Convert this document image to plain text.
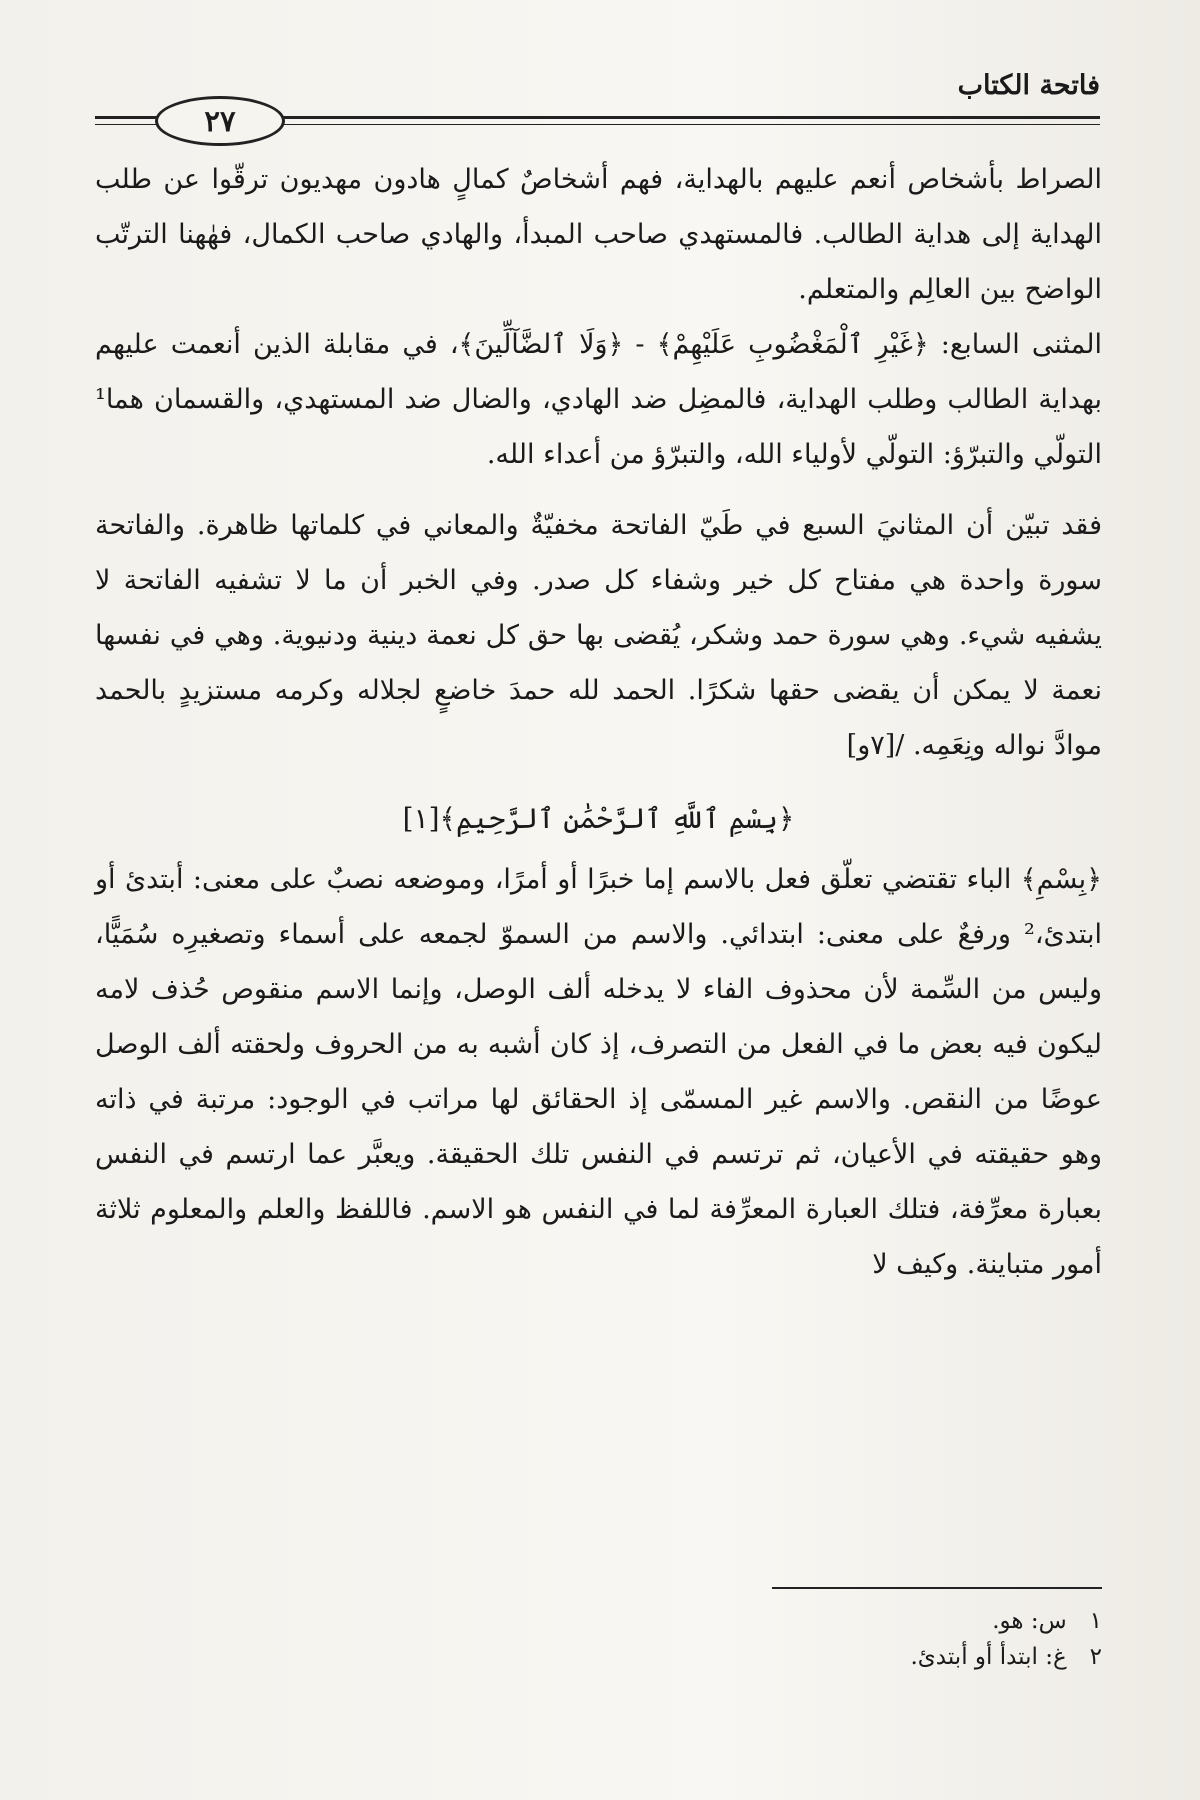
فاتحة الكتاب
٢٧

الصراط بأشخاص أنعم عليهم بالهداية، فهم أشخاصٌ كمالٍ هادون مهديون ترقّوا عن طلب الهداية إلى هداية الطالب. فالمستهدي صاحب المبدأ، والهادي صاحب الكمال، فهٰهنا الترتّب الواضح بين العالِم والمتعلم.

المثنى السابع: ﴿غَيْرِ ٱلْمَغْضُوبِ عَلَيْهِمْ﴾ - ﴿وَلَا ٱلضَّآلِّينَ﴾، في مقابلة الذين أنعمت عليهم بهداية الطالب وطلب الهداية، فالمضِل ضد الهادي، والضال ضد المستهدي، والقسمان هما¹ التولّي والتبرّؤ: التولّي لأولياء الله، والتبرّؤ من أعداء الله.

فقد تبيّن أن المثانيَ السبع في طَيّ الفاتحة مخفيّةٌ والمعاني في كلماتها ظاهرة. والفاتحة سورة واحدة هي مفتاح كل خير وشفاء كل صدر. وفي الخبر أن ما لا تشفيه الفاتحة لا يشفيه شيء. وهي سورة حمد وشكر، يُقضى بها حق كل نعمة دينية ودنيوية. وهي في نفسها نعمة لا يمكن أن يقضى حقها شكرًا. الحمد لله حمدَ خاضعٍ لجلاله وكرمه مستزيدٍ بالحمد موادَّ نواله ونِعَمِه. /[٧و]

﴿بِسْمِ ٱللَّهِ ٱلرَّحْمَٰنِ ٱلرَّحِيمِ﴾[١]

﴿بِسْمِ﴾ الباء تقتضي تعلّق فعل بالاسم إما خبرًا أو أمرًا، وموضعه نصبٌ على معنى: أبتدئ أو ابتدئ،² ورفعٌ على معنى: ابتدائي. والاسم من السموّ لجمعه على أسماء وتصغيرِه سُمَيًّا، وليس من السِّمة لأن محذوف الفاء لا يدخله ألف الوصل، وإنما الاسم منقوص حُذف لامه ليكون فيه بعض ما في الفعل من التصرف، إذ كان أشبه به من الحروف ولحقته ألف الوصل عوضًا من النقص. والاسم غير المسمّى إذ الحقائق لها مراتب في الوجود: مرتبة في ذاته وهو حقيقته في الأعيان، ثم ترتسم في النفس تلك الحقيقة. ويعبَّر عما ارتسم في النفس بعبارة معرِّفة، فتلك العبارة المعرِّفة لما في النفس هو الاسم. فاللفظ والعلم والمعلوم ثلاثة أمور متباينة. وكيف لا

١ س: هو.
٢ غ: ابتدأ أو أبتدئ.
